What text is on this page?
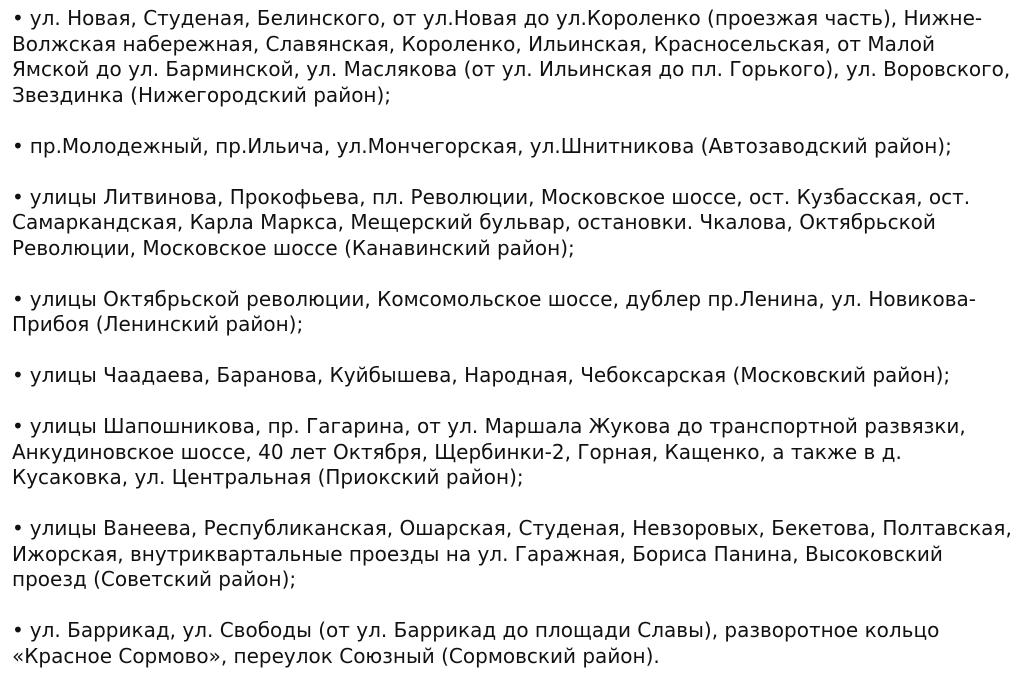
• ул. Новая, Студеная, Белинского, от ул.Новая до ул.Короленко (проезжая часть), Нижне-Волжская набережная, Славянская, Короленко, Ильинская, Красносельская, от Малой Ямской до ул. Барминской, ул. Маслякова (от ул. Ильинская до пл. Горького), ул. Воровского, Звездинка (Нижегородский район);

• пр.Молодежный, пр.Ильича, ул.Мончегорская, ул.Шнитникова (Автозаводский район);

• улицы Литвинова, Прокофьева, пл. Революции, Московское шоссе, ост. Кузбасская, ост. Самаркандская, Карла Маркса, Мещерский бульвар, остановки. Чкалова, Октябрьской Революции, Московское шоссе (Канавинский район);

• улицы Октябрьской революции, Комсомольское шоссе, дублер пр.Ленина, ул. Новикова-Прибоя (Ленинский район);

• улицы Чаадаева, Баранова, Куйбышева, Народная, Чебоксарская (Московский район);

• улицы Шапошникова, пр. Гагарина, от ул. Маршала Жукова до транспортной развязки, Анкудиновское шоссе, 40 лет Октября, Щербинки-2, Горная, Кащенко, а также в д. Кусаковка, ул. Центральная (Приокский район);

• улицы Ванеева, Республиканская, Ошарская, Студеная, Невзоровых, Бекетова, Полтавская, Ижорская, внутриквартальные проезды на ул. Гаражная, Бориса Панина, Высоковский проезд (Советский район);

• ул. Баррикад, ул. Свободы (от ул. Баррикад до площади Славы), разворотное кольцо «Красное Сормово», переулок Союзный (Сормовский район).
